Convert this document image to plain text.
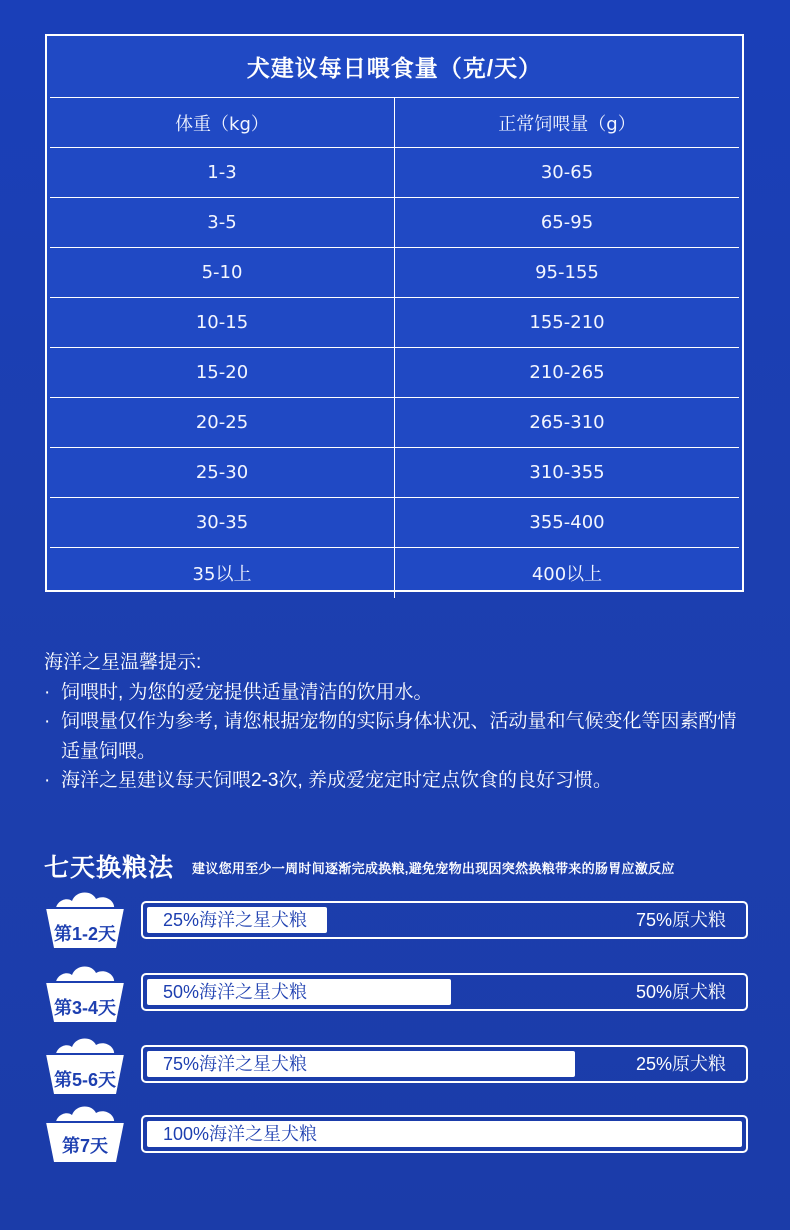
犬建议每日喂食量（克/天）
体重（kg）	正常饲喂量（g）
1-3	30-65
3-5	65-95
5-10	95-155
10-15	155-210
15-20	210-265
20-25	265-310
25-30	310-355
30-35	355-400
35以上	400以上
海洋之星温馨提示:
· 饲喂时, 为您的爱宠提供适量清洁的饮用水。
· 饲喂量仅作为参考, 请您根据宠物的实际身体状况、活动量和气候变化等因素酌情适量饲喂。
· 海洋之星建议每天饲喂2-3次, 养成爱宠定时定点饮食的良好习惯。
七天换粮法 建议您用至少一周时间逐渐完成换粮,避免宠物出现因突然换粮带来的肠胃应激反应
第1-2天
25%海洋之星犬粮	75%原犬粮
第3-4天
50%海洋之星犬粮	50%原犬粮
第5-6天
75%海洋之星犬粮	25%原犬粮
第7天
100%海洋之星犬粮
